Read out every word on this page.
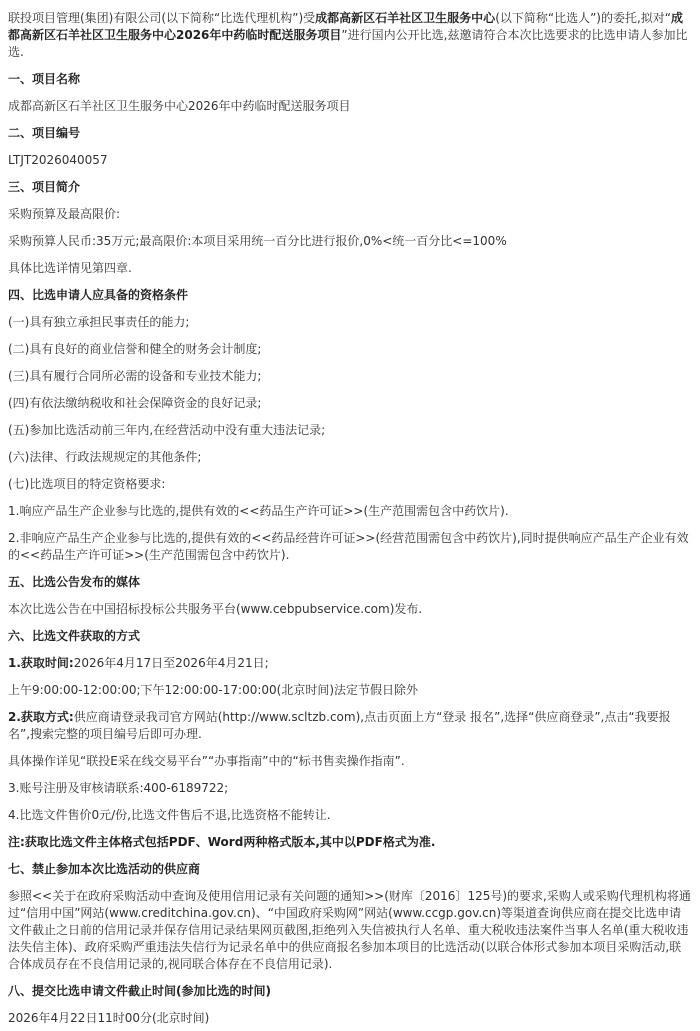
联投项目管理(集团)有限公司(以下简称“比选代理机构”)受成都高新区石羊社区卫生服务中心(以下简称“比选人”)的委托,拟对“成都高新区石羊社区卫生服务中心2026年中药临时配送服务项目”进行国内公开比选,兹邀请符合本次比选要求的比选申请人参加比选.

一、项目名称

成都高新区石羊社区卫生服务中心2026年中药临时配送服务项目

二、项目编号

LTJT2026040057

三、项目简介

采购预算及最高限价:

采购预算人民币:35万元;最高限价:本项目采用统一百分比进行报价,0%<统一百分比<=100%

具体比选详情见第四章.

四、比选申请人应具备的资格条件

(一)具有独立承担民事责任的能力;

(二)具有良好的商业信誉和健全的财务会计制度;

(三)具有履行合同所必需的设备和专业技术能力;

(四)有依法缴纳税收和社会保障资金的良好记录;

(五)参加比选活动前三年内,在经营活动中没有重大违法记录;

(六)法律、行政法规规定的其他条件;

(七)比选项目的特定资格要求:

1.响应产品生产企业参与比选的,提供有效的<<药品生产许可证>>(生产范围需包含中药饮片).

2.非响应产品生产企业参与比选的,提供有效的<<药品经营许可证>>(经营范围需包含中药饮片),同时提供响应产品生产企业有效的<<药品生产许可证>>(生产范围需包含中药饮片).

五、比选公告发布的媒体

本次比选公告在中国招标投标公共服务平台(www.cebpubservice.com)发布.

六、比选文件获取的方式

1.获取时间:2026年4月17日至2026年4月21日;

上午9:00:00-12:00:00;下午12:00:00-17:00:00(北京时间)法定节假日除外

2.获取方式:供应商请登录我司官方网站(http://www.scltzb.com),点击页面上方“登录 报名”,选择“供应商登录”,点击“我要报名”,搜索完整的项目编号后即可办理.

具体操作详见“联投E采在线交易平台”“办事指南”中的“标书售卖操作指南”.

3.账号注册及审核请联系:400-6189722;

4.比选文件售价0元/份,比选文件售后不退,比选资格不能转让.

注:获取比选文件主体格式包括PDF、Word两种格式版本,其中以PDF格式为准.

七、禁止参加本次比选活动的供应商

参照<<关于在政府采购活动中查询及使用信用记录有关问题的通知>>(财库〔2016〕125号)的要求,采购人或采购代理机构将通过“信用中国”网站(www.creditchina.gov.cn)、“中国政府采购网”网站(www.ccgp.gov.cn)等渠道查询供应商在提交比选申请文件截止之日前的信用记录并保存信用记录结果网页截图,拒绝列入失信被执行人名单、重大税收违法案件当事人名单(重大税收违法失信主体)、政府采购严重违法失信行为记录名单中的供应商报名参加本项目的比选活动(以联合体形式参加本项目采购活动,联合体成员存在不良信用记录的,视同联合体存在不良信用记录).

八、提交比选申请文件截止时间(参加比选的时间)

2026年4月22日11时00分(北京时间)
